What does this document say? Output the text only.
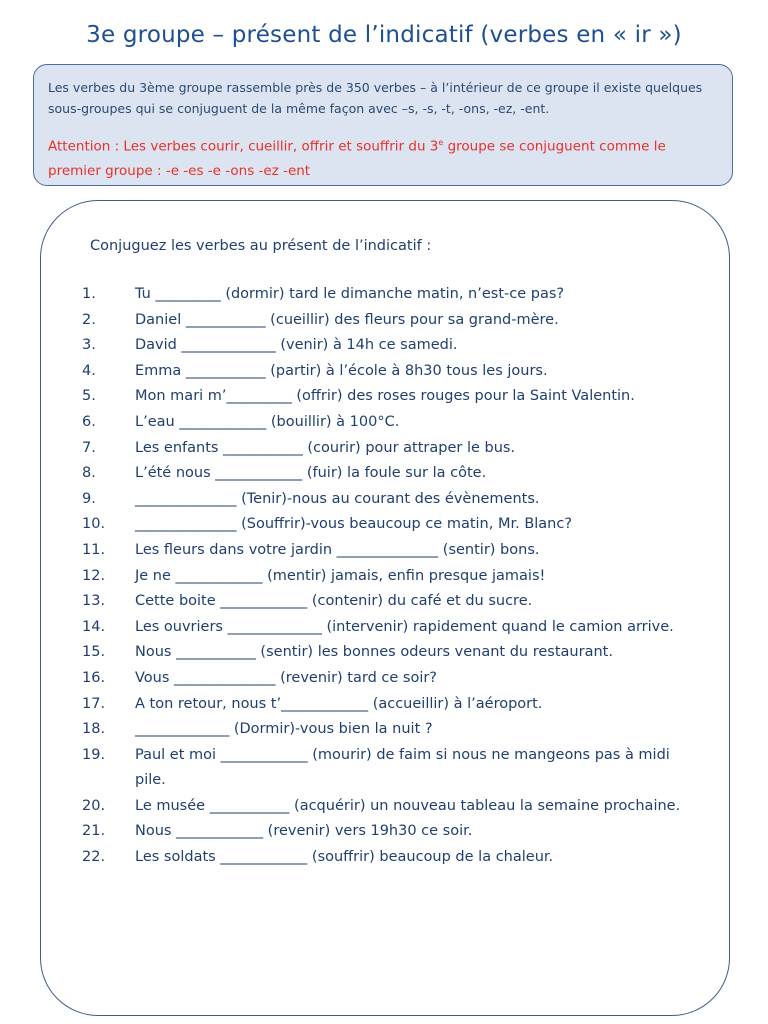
3e groupe – présent de l’indicatif (verbes en « ir »)

Les verbes du 3ème groupe rassemble près de 350 verbes – à l’intérieur de ce groupe il existe quelques sous-groupes qui se conjuguent de la même façon avec –s, -s, -t, -ons, -ez, -ent.

Attention : Les verbes courir, cueillir, offrir et souffrir du 3e groupe se conjuguent comme le premier groupe : -e -es -e -ons -ez -ent

Conjuguez les verbes au présent de l’indicatif :
1.	Tu _________ (dormir) tard le dimanche matin, n’est-ce pas?
2.	Daniel ___________ (cueillir) des fleurs pour sa grand-mère.
3.	David _____________ (venir) à 14h ce samedi.
4.	Emma ___________ (partir) à l’école à 8h30 tous les jours.
5.	Mon mari m’_________ (offrir) des roses rouges pour la Saint Valentin.
6.	L’eau ____________ (bouillir) à 100°C.
7.	Les enfants ___________ (courir) pour attraper le bus.
8.	L’été nous ____________ (fuir) la foule sur la côte.
9.	______________ (Tenir)-nous au courant des évènements.
10. ______________ (Souffrir)-vous beaucoup ce matin, Mr. Blanc?
11. Les fleurs dans votre jardin ______________ (sentir) bons.
12. Je ne ____________ (mentir) jamais, enfin presque jamais!
13. Cette boite ____________ (contenir) du café et du sucre.
14. Les ouvriers _____________ (intervenir) rapidement quand le camion arrive.
15. Nous ___________ (sentir) les bonnes odeurs venant du restaurant.
16. Vous ______________ (revenir) tard ce soir?
17. A ton retour, nous t’____________ (accueillir) à l’aéroport.
18. _____________ (Dormir)-vous bien la nuit ?
19. Paul et moi ____________ (mourir) de faim si nous ne mangeons pas à midi pile.
20. Le musée ___________ (acquérir) un nouveau tableau la semaine prochaine.
21. Nous ____________ (revenir) vers 19h30 ce soir.
22. Les soldats ____________ (souffrir) beaucoup de la chaleur.
